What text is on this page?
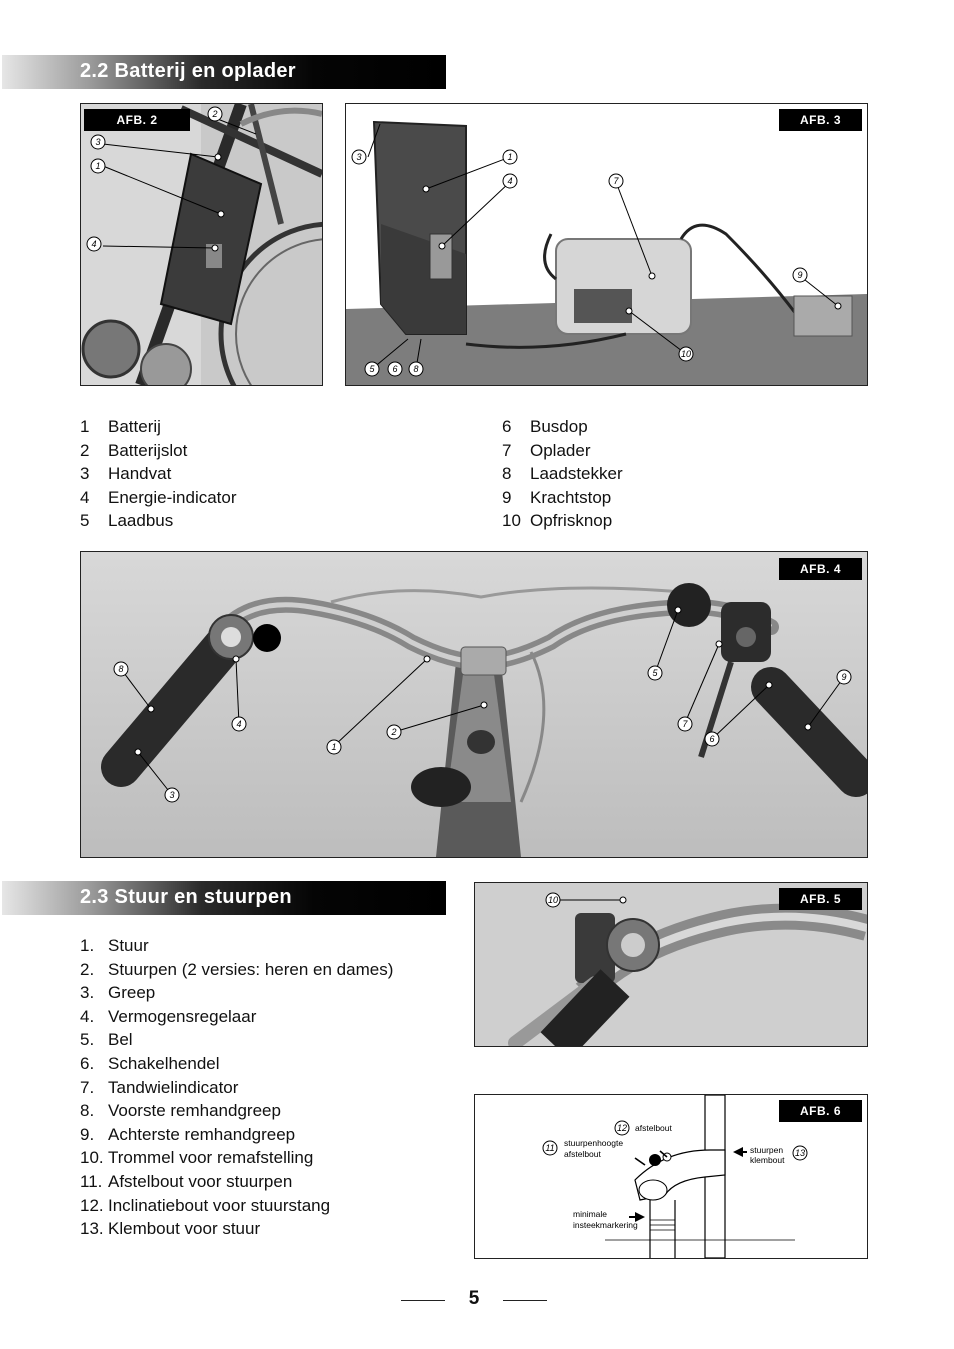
2.2 Batterij en oplader
2
3
1
4
AFB. 2
3	1
4	7
9
10
5 6 8
AFB. 3
1	Batterij
2	Batterijslot
3	Handvat
4	Energie-indicator
5	Laadbus
6	Busdop
7	Oplader
8	Laadstekker
9	Krachtstop
10 Opfrisknop
1
2
3
4
5
6
7
8
9
AFB. 4
2.3 Stuur en stuurpen
1. Stuur
2. Stuurpen (2 versies: heren en dames)
3. Greep
4. Vermogensregelaar
5. Bel
6. Schakelhendel
7. Tandwielindicator
8. Voorste remhandgreep
9. Achterste remhandgreep
10. Trommel voor remafstelling
11. Afstelbout voor stuurpen
12. Inclinatiebout voor stuurstang
13. Klembout voor stuur
10	AFB. 5
12
11	13
afstelbout
stuurpenhoogte
afstelbout	stuurpen
klembout
minimale
insteekmarkering
AFB. 6
5
